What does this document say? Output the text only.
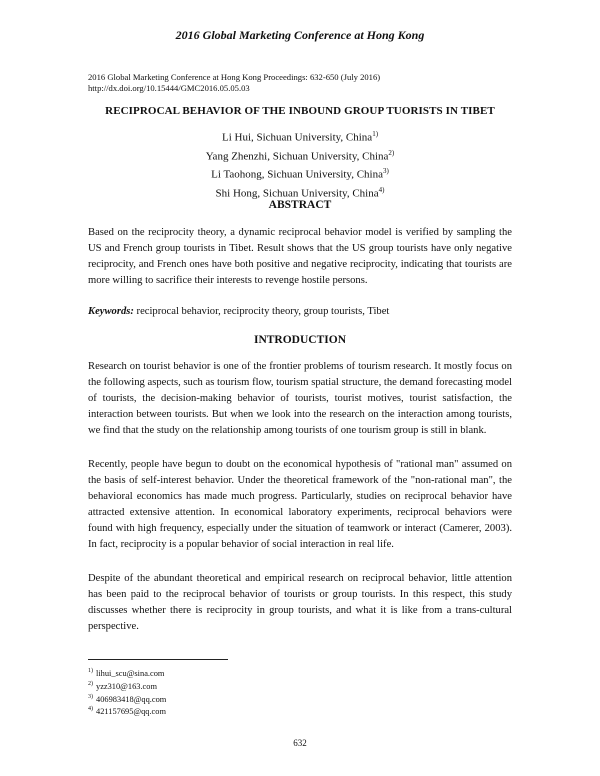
2016 Global Marketing Conference at Hong Kong
2016 Global Marketing Conference at Hong Kong Proceedings: 632-650 (July 2016)
http://dx.doi.org/10.15444/GMC2016.05.05.03
RECIPROCAL BEHAVIOR OF THE INBOUND GROUP TUORISTS IN TIBET
Li Hui, Sichuan University, China$^{1)}$
Yang Zhenzhi, Sichuan University, China$^{2)}$
Li Taohong, Sichuan University, China$^{3)}$
Shi Hong, Sichuan University, China$^{4)}$
ABSTRACT

Based on the reciprocity theory, a dynamic reciprocal behavior model is verified by sampling the US and French group tourists in Tibet. Result shows that the US group tourists have only negative reciprocity, and French ones have both positive and negative reciprocity, indicating that tourists are more willing to sacrifice their interests to revenge hostile persons.

Keywords: reciprocal behavior, reciprocity theory, group tourists, Tibet
INTRODUCTION

Research on tourist behavior is one of the frontier problems of tourism research. It mostly focus on the following aspects, such as tourism flow, tourism spatial structure, the demand forecasting model of tourists, the decision-making behavior of tourists, tourist motives, tourist satisfaction, the interaction between tourists. But when we look into the research on the interaction among tourists, we find that the study on the relationship among tourists of one tourism group is still in blank.

Recently, people have begun to doubt on the economical hypothesis of "rational man" assumed on the basis of self-interest behavior. Under the theoretical framework of the "non-rational man", the behavioral economics has made much progress. Particularly, studies on reciprocal behavior have attracted extensive attention. In economical laboratory experiments, reciprocal behaviors were found with high frequency, especially under the situation of teamwork or interact (Camerer, 2003). In fact, reciprocity is a popular behavior of social interaction in real life.

Despite of the abundant theoretical and empirical research on reciprocal behavior, little attention has been paid to the reciprocal behavior of tourists or group tourists. In this respect, this study discusses whether there is reciprocity in group tourists, and what it is like from a trans-cultural perspective.

$^{1)}$ lihui_scu@sina.com
$^{2)}$ yzz310@163.com
$^{3)}$ 406983418@qq.com
$^{4)}$ 421157695@qq.com
632
